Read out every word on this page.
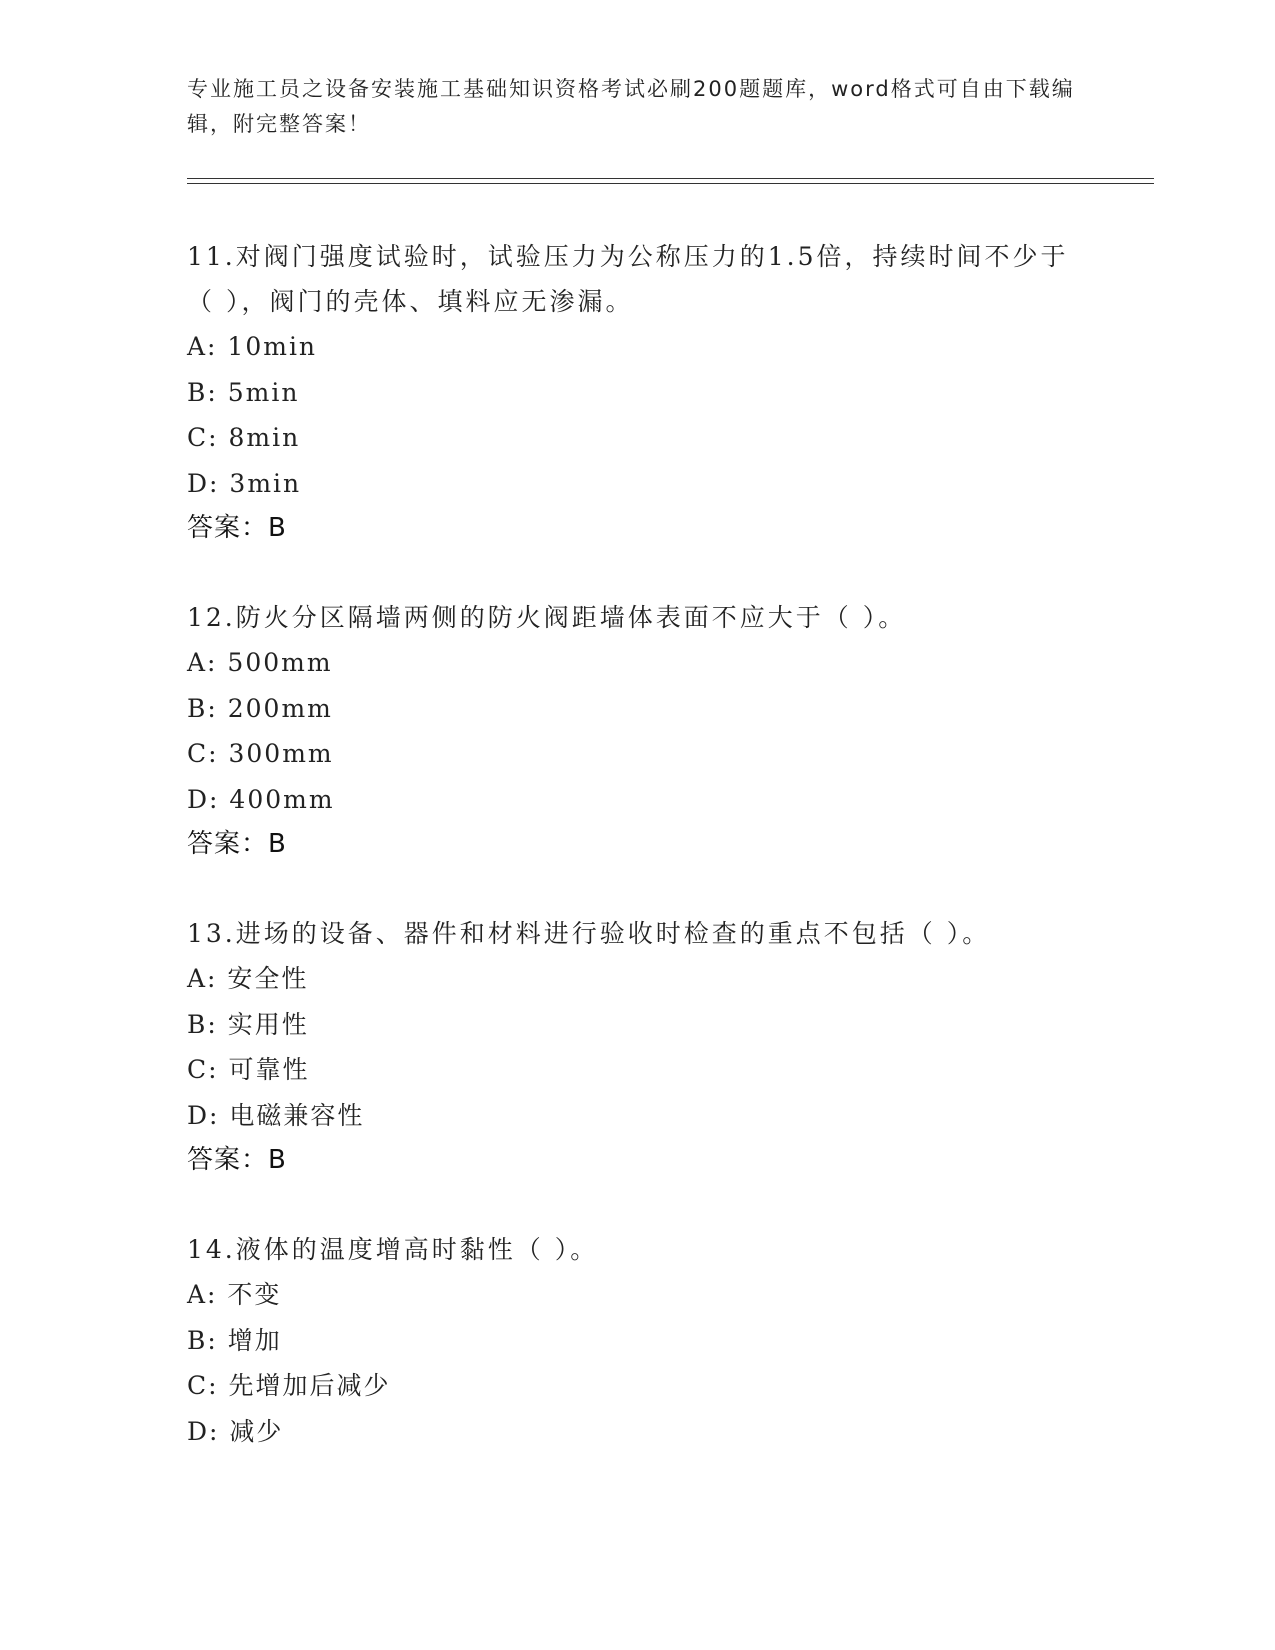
专业施工员之设备安装施工基础知识资格考试必刷200题题库，word格式可自由下载编辑，附完整答案！
11.对阀门强度试验时，试验压力为公称压力的1.5倍，持续时间不少于（ ），阀门的壳体、填料应无渗漏。
A: 10min
B: 5min
C: 8min
D: 3min
答案：B
12.防火分区隔墙两侧的防火阀距墙体表面不应大于（ ）。
A: 500mm
B: 200mm
C: 300mm
D: 400mm
答案：B
13.进场的设备、器件和材料进行验收时检查的重点不包括（ ）。
A: 安全性
B: 实用性
C: 可靠性
D: 电磁兼容性
答案：B
14.液体的温度增高时黏性（ ）。
A: 不变
B: 增加
C: 先增加后减少
D: 减少
